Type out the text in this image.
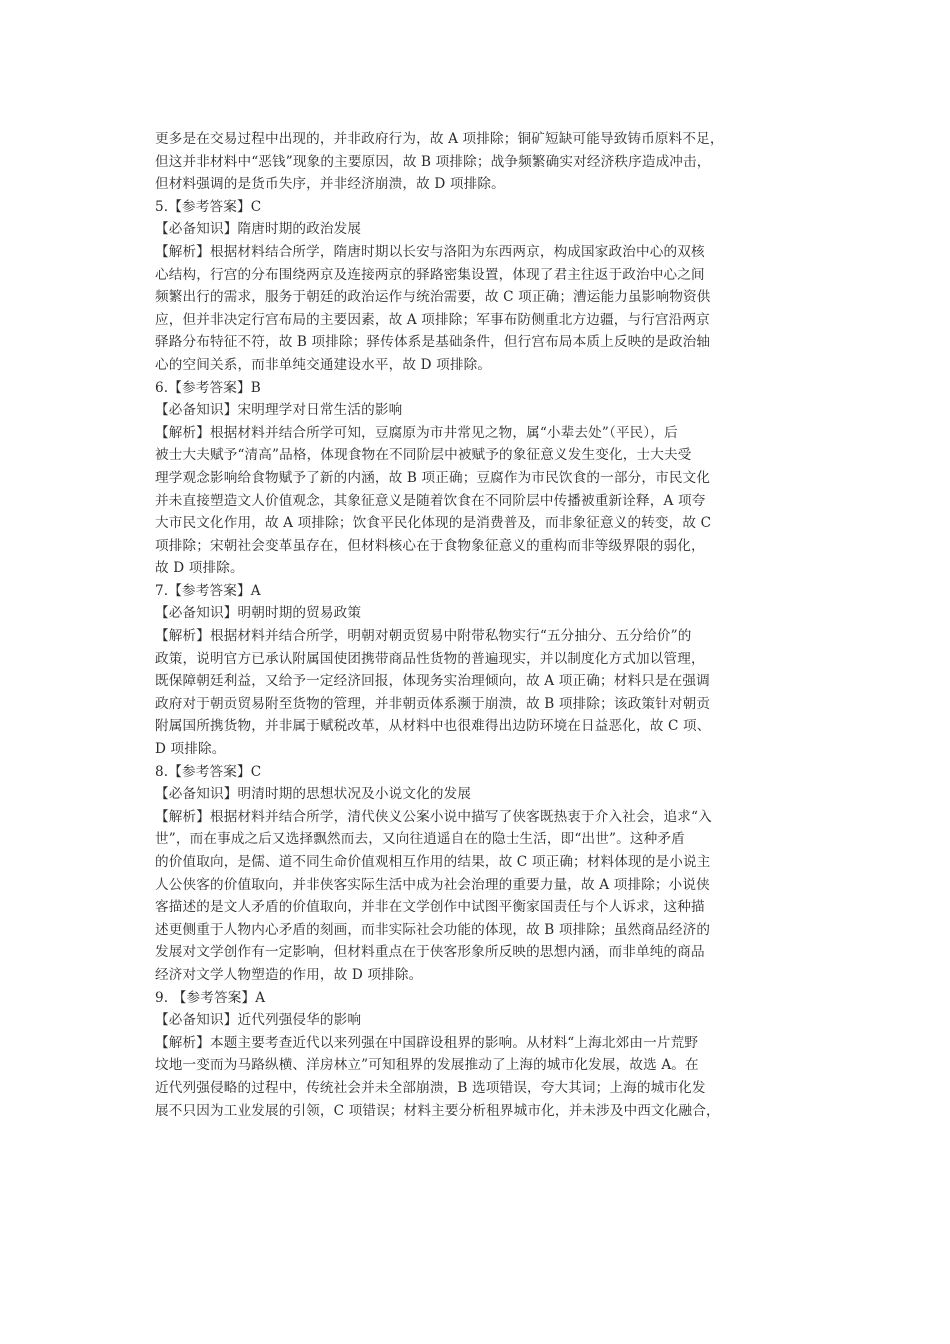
更多是在交易过程中出现的，并非政府行为，故 A 项排除；铜矿短缺可能导致铸币原料不足，
但这并非材料中“恶钱”现象的主要原因，故 B 项排除；战争频繁确实对经济秩序造成冲击，
但材料强调的是货币失序，并非经济崩溃，故 D 项排除。
5.【参考答案】C
【必备知识】隋唐时期的政治发展
【解析】根据材料结合所学，隋唐时期以长安与洛阳为东西两京，构成国家政治中心的双核
心结构，行宫的分布围绕两京及连接两京的驿路密集设置，体现了君主往返于政治中心之间
频繁出行的需求，服务于朝廷的政治运作与统治需要，故 C 项正确；漕运能力虽影响物资供
应，但并非决定行宫布局的主要因素，故 A 项排除；军事布防侧重北方边疆，与行宫沿两京
驿路分布特征不符，故 B 项排除；驿传体系是基础条件，但行宫布局本质上反映的是政治轴
心的空间关系，而非单纯交通建设水平，故 D 项排除。
6.【参考答案】B
【必备知识】宋明理学对日常生活的影响
【解析】根据材料并结合所学可知，豆腐原为市井常见之物，属“小辈去处”（平民），后
被士大夫赋予“清高”品格，体现食物在不同阶层中被赋予的象征意义发生变化，士大夫受
理学观念影响给食物赋予了新的内涵，故 B 项正确；豆腐作为市民饮食的一部分，市民文化
并未直接塑造文人价值观念，其象征意义是随着饮食在不同阶层中传播被重新诠释，A 项夸
大市民文化作用，故 A 项排除；饮食平民化体现的是消费普及，而非象征意义的转变，故 C
项排除；宋朝社会变革虽存在，但材料核心在于食物象征意义的重构而非等级界限的弱化，
故 D 项排除。
7.【参考答案】A
【必备知识】明朝时期的贸易政策
【解析】根据材料并结合所学，明朝对朝贡贸易中附带私物实行“五分抽分、五分给价”的
政策，说明官方已承认附属国使团携带商品性货物的普遍现实，并以制度化方式加以管理，
既保障朝廷利益，又给予一定经济回报，体现务实治理倾向，故 A 项正确；材料只是在强调
政府对于朝贡贸易附至货物的管理，并非朝贡体系濒于崩溃，故 B 项排除；该政策针对朝贡
附属国所携货物，并非属于赋税改革，从材料中也很难得出边防环境在日益恶化，故 C 项、
D 项排除。
8.【参考答案】C
【必备知识】明清时期的思想状况及小说文化的发展
【解析】根据材料并结合所学，清代侠义公案小说中描写了侠客既热衷于介入社会，追求“入
世”，而在事成之后又选择飘然而去，又向往逍遥自在的隐士生活，即“出世”。这种矛盾
的价值取向，是儒、道不同生命价值观相互作用的结果，故 C 项正确；材料体现的是小说主
人公侠客的价值取向，并非侠客实际生活中成为社会治理的重要力量，故 A 项排除；小说侠
客描述的是文人矛盾的价值取向，并非在文学创作中试图平衡家国责任与个人诉求，这种描
述更侧重于人物内心矛盾的刻画，而非实际社会功能的体现，故 B 项排除；虽然商品经济的
发展对文学创作有一定影响，但材料重点在于侠客形象所反映的思想内涵，而非单纯的商品
经济对文学人物塑造的作用，故 D 项排除。
9. 【参考答案】A
【必备知识】近代列强侵华的影响
【解析】本题主要考查近代以来列强在中国辟设租界的影响。从材料“上海北郊由一片荒野
坟地一变而为马路纵横、洋房林立”可知租界的发展推动了上海的城市化发展，故选 A。在
近代列强侵略的过程中，传统社会并未全部崩溃，B 选项错误，夸大其词；上海的城市化发
展不只因为工业发展的引领，C 项错误；材料主要分析租界城市化，并未涉及中西文化融合，
